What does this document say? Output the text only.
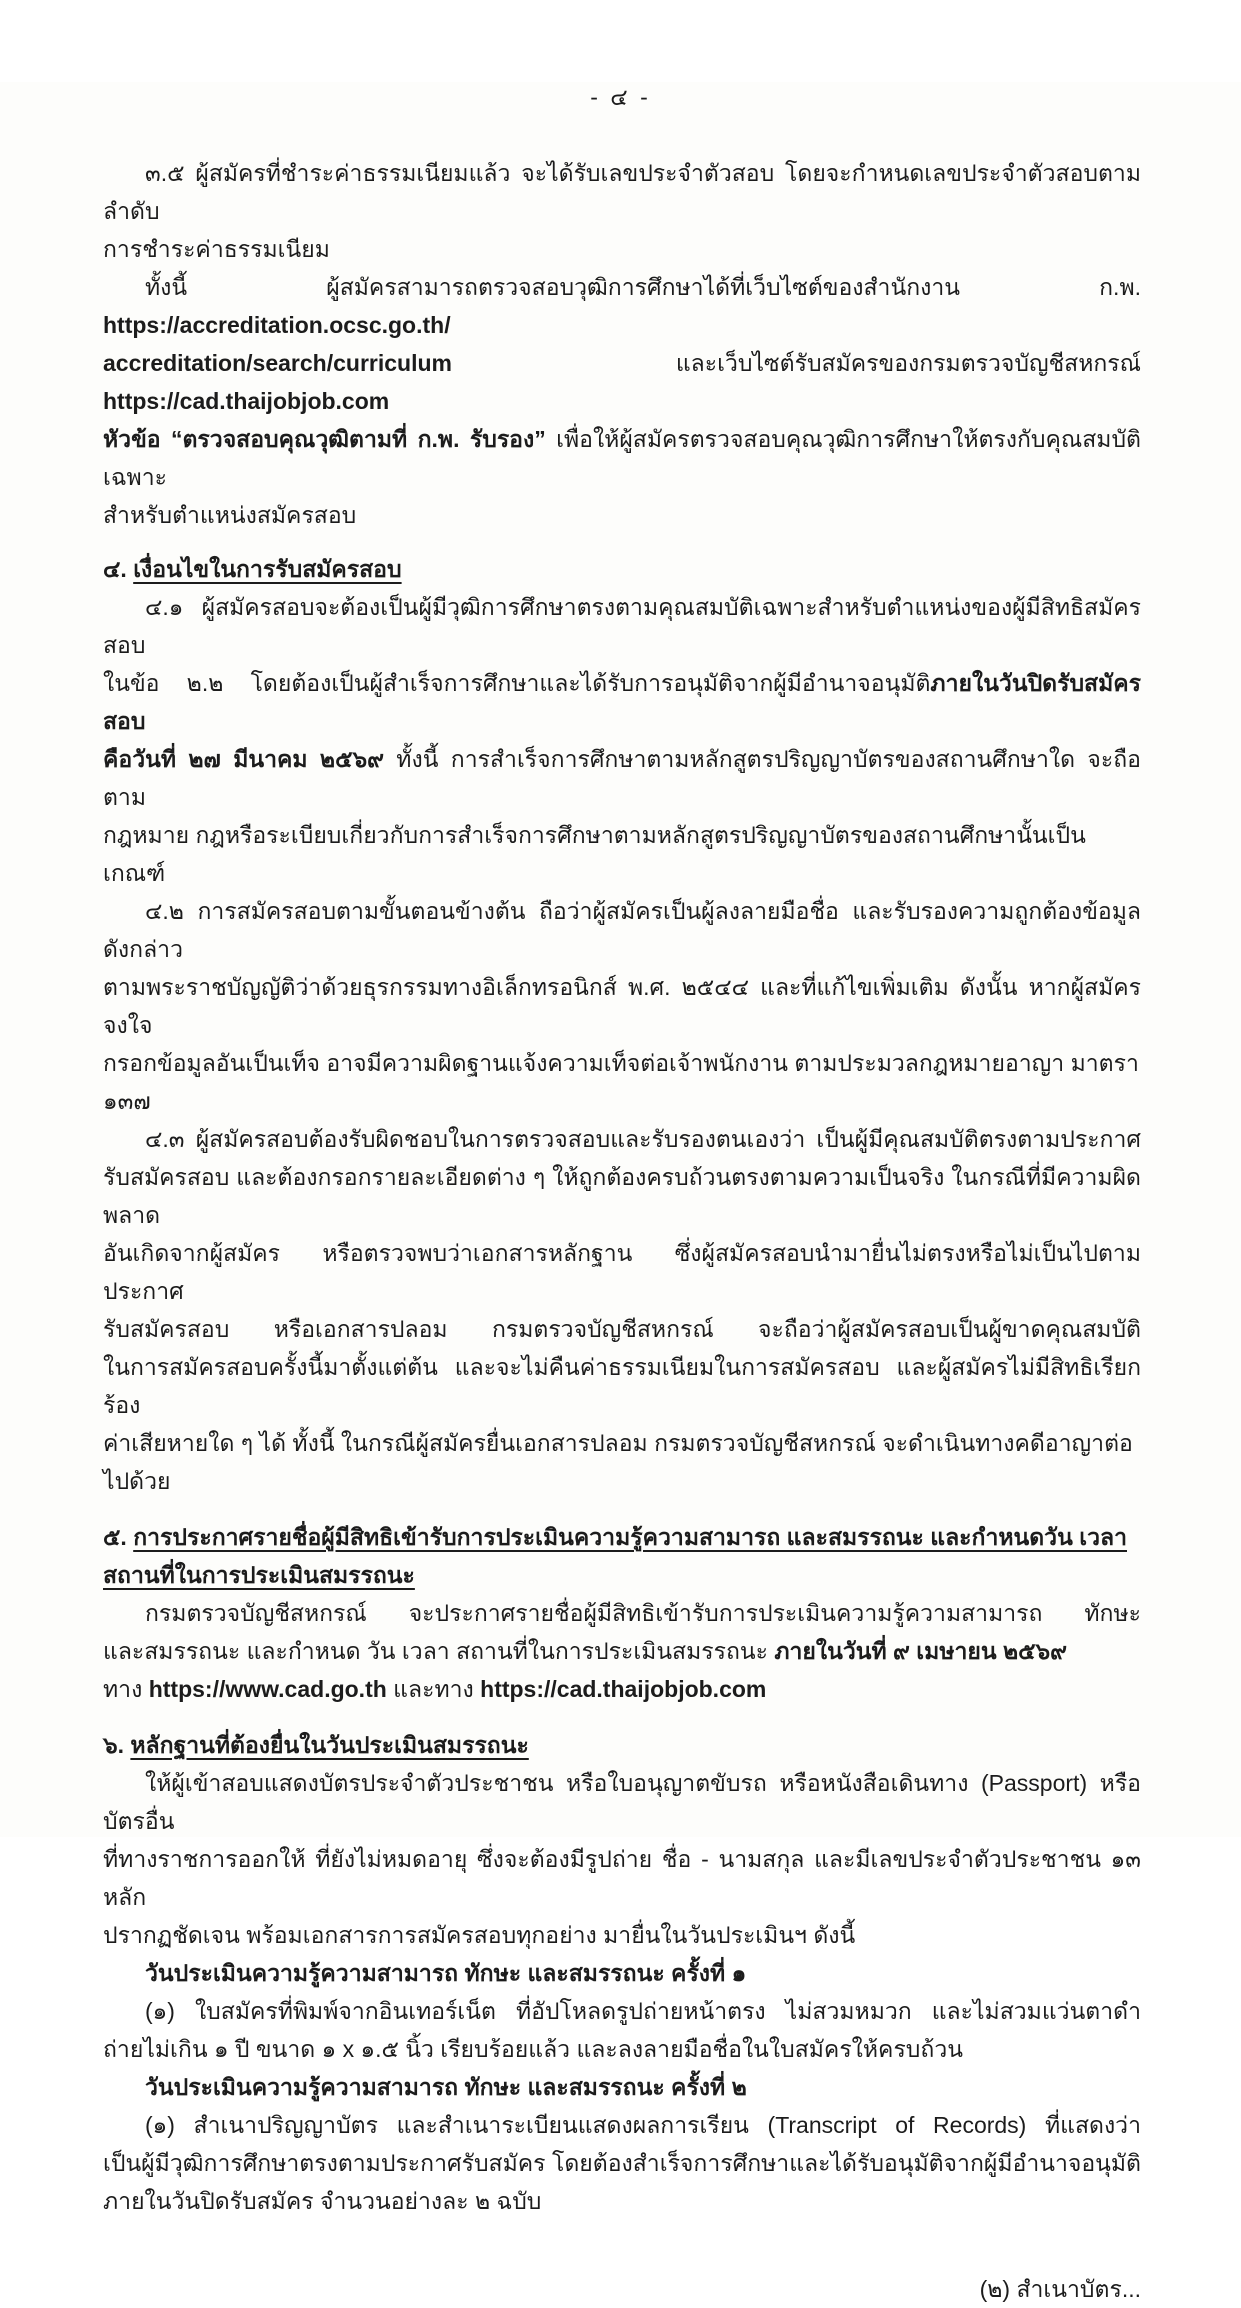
- ๔ -
๓.๕ ผู้สมัครที่ชำระค่าธรรมเนียมแล้ว จะได้รับเลขประจำตัวสอบ โดยจะกำหนดเลขประจำตัวสอบตามลำดับ
การชำระค่าธรรมเนียม
ทั้งนี้ ผู้สมัครสามารถตรวจสอบวุฒิการศึกษาได้ที่เว็บไซต์ของสำนักงาน ก.พ. https://accreditation.ocsc.go.th/
accreditation/search/curriculum และเว็บไซต์รับสมัครของกรมตรวจบัญชีสหกรณ์ https://cad.thaijobjob.com
หัวข้อ “ตรวจสอบคุณวุฒิตามที่ ก.พ. รับรอง” เพื่อให้ผู้สมัครตรวจสอบคุณวุฒิการศึกษาให้ตรงกับคุณสมบัติเฉพาะ
สำหรับตำแหน่งสมัครสอบ
๔. เงื่อนไขในการรับสมัครสอบ
๔.๑ ผู้สมัครสอบจะต้องเป็นผู้มีวุฒิการศึกษาตรงตามคุณสมบัติเฉพาะสำหรับตำแหน่งของผู้มีสิทธิสมัครสอบ
ในข้อ ๒.๒ โดยต้องเป็นผู้สำเร็จการศึกษาและได้รับการอนุมัติจากผู้มีอำนาจอนุมัติภายในวันปิดรับสมัครสอบ
คือวันที่ ๒๗ มีนาคม ๒๕๖๙ ทั้งนี้ การสำเร็จการศึกษาตามหลักสูตรปริญญาบัตรของสถานศึกษาใด จะถือตาม
กฎหมาย กฎหรือระเบียบเกี่ยวกับการสำเร็จการศึกษาตามหลักสูตรปริญญาบัตรของสถานศึกษานั้นเป็นเกณฑ์
๔.๒ การสมัครสอบตามขั้นตอนข้างต้น ถือว่าผู้สมัครเป็นผู้ลงลายมือชื่อ และรับรองความถูกต้องข้อมูลดังกล่าว
ตามพระราชบัญญัติว่าด้วยธุรกรรมทางอิเล็กทรอนิกส์ พ.ศ. ๒๕๔๔ และที่แก้ไขเพิ่มเติม ดังนั้น หากผู้สมัครจงใจ
กรอกข้อมูลอันเป็นเท็จ อาจมีความผิดฐานแจ้งความเท็จต่อเจ้าพนักงาน ตามประมวลกฎหมายอาญา มาตรา ๑๓๗
๔.๓ ผู้สมัครสอบต้องรับผิดชอบในการตรวจสอบและรับรองตนเองว่า เป็นผู้มีคุณสมบัติตรงตามประกาศ
รับสมัครสอบ และต้องกรอกรายละเอียดต่าง ๆ ให้ถูกต้องครบถ้วนตรงตามความเป็นจริง ในกรณีที่มีความผิดพลาด
อันเกิดจากผู้สมัคร หรือตรวจพบว่าเอกสารหลักฐาน ซึ่งผู้สมัครสอบนำมายื่นไม่ตรงหรือไม่เป็นไปตามประกาศ
รับสมัครสอบ หรือเอกสารปลอม กรมตรวจบัญชีสหกรณ์ จะถือว่าผู้สมัครสอบเป็นผู้ขาดคุณสมบัติ
ในการสมัครสอบครั้งนี้มาตั้งแต่ต้น และจะไม่คืนค่าธรรมเนียมในการสมัครสอบ และผู้สมัครไม่มีสิทธิเรียกร้อง
ค่าเสียหายใด ๆ ได้ ทั้งนี้ ในกรณีผู้สมัครยื่นเอกสารปลอม กรมตรวจบัญชีสหกรณ์ จะดำเนินทางคดีอาญาต่อไปด้วย
๕. การประกาศรายชื่อผู้มีสิทธิเข้ารับการประเมินความรู้ความสามารถ และสมรรถนะ และกำหนดวัน เวลา
สถานที่ในการประเมินสมรรถนะ
กรมตรวจบัญชีสหกรณ์ จะประกาศรายชื่อผู้มีสิทธิเข้ารับการประเมินความรู้ความสามารถ ทักษะ
และสมรรถนะ และกำหนด วัน เวลา สถานที่ในการประเมินสมรรถนะ ภายในวันที่ ๙ เมษายน ๒๕๖๙
ทาง https://www.cad.go.th และทาง https://cad.thaijobjob.com
๖. หลักฐานที่ต้องยื่นในวันประเมินสมรรถนะ
ให้ผู้เข้าสอบแสดงบัตรประจำตัวประชาชน หรือใบอนุญาตขับรถ หรือหนังสือเดินทาง (Passport) หรือบัตรอื่น
ที่ทางราชการออกให้ ที่ยังไม่หมดอายุ ซึ่งจะต้องมีรูปถ่าย ชื่อ - นามสกุล และมีเลขประจำตัวประชาชน ๑๓ หลัก
ปรากฏชัดเจน พร้อมเอกสารการสมัครสอบทุกอย่าง มายื่นในวันประเมินฯ ดังนี้
วันประเมินความรู้ความสามารถ ทักษะ และสมรรถนะ ครั้งที่ ๑
(๑) ใบสมัครที่พิมพ์จากอินเทอร์เน็ต ที่อัปโหลดรูปถ่ายหน้าตรง ไม่สวมหมวก และไม่สวมแว่นตาดำ
ถ่ายไม่เกิน ๑ ปี ขนาด ๑ x ๑.๕ นิ้ว เรียบร้อยแล้ว และลงลายมือชื่อในใบสมัครให้ครบถ้วน
วันประเมินความรู้ความสามารถ ทักษะ และสมรรถนะ ครั้งที่ ๒
(๑) สำเนาปริญญาบัตร และสำเนาระเบียนแสดงผลการเรียน (Transcript of Records) ที่แสดงว่า
เป็นผู้มีวุฒิการศึกษาตรงตามประกาศรับสมัคร โดยต้องสำเร็จการศึกษาและได้รับอนุมัติจากผู้มีอำนาจอนุมัติ
ภายในวันปิดรับสมัคร จำนวนอย่างละ ๒ ฉบับ
(๒) สำเนาบัตร...
